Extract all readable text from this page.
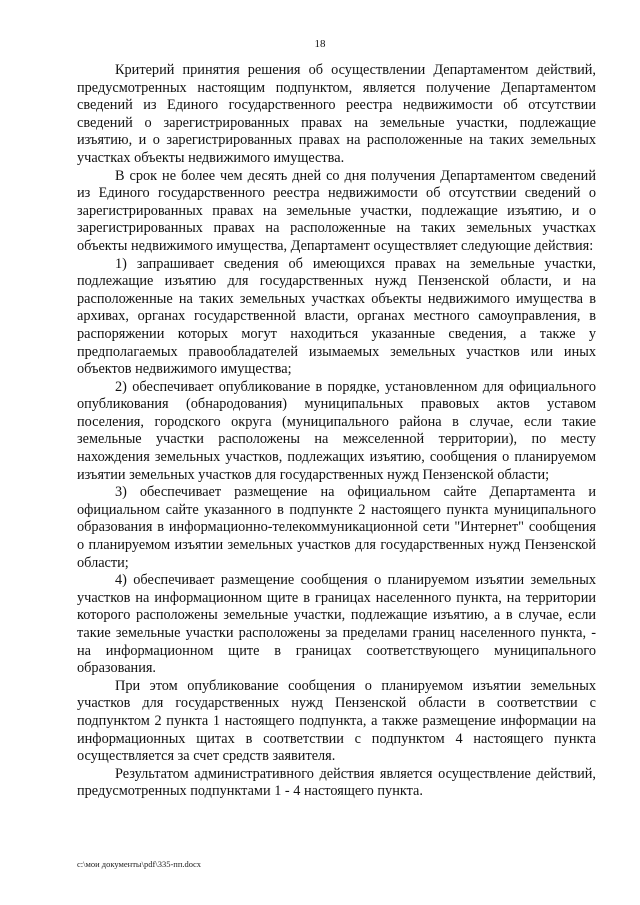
18

Критерий принятия решения об осуществлении Департаментом действий, предусмотренных настоящим подпунктом, является получение Департаментом сведений из Единого государственного реестра недвижимости об отсутствии сведений о зарегистрированных правах на земельные участки, подлежащие изъятию, и о зарегистрированных правах на расположенные на таких земельных участках объекты недвижимого имущества.

В срок не более чем десять дней со дня получения Департаментом сведений из Единого государственного реестра недвижимости об отсутствии сведений о зарегистрированных правах на земельные участки, подлежащие изъятию, и о зарегистрированных правах на расположенные на таких земельных участках объекты недвижимого имущества, Департамент осуществляет следующие действия:

1) запрашивает сведения об имеющихся правах на земельные участки, подлежащие изъятию для государственных нужд Пензенской области, и на расположенные на таких земельных участках объекты недвижимого имущества в архивах, органах государственной власти, органах местного самоуправления, в распоряжении которых могут находиться указанные сведения, а также у предполагаемых правообладателей изымаемых земельных участков или иных объектов недвижимого имущества;

2) обеспечивает опубликование в порядке, установленном для официального опубликования (обнародования) муниципальных правовых актов уставом поселения, городского округа (муниципального района в случае, если такие земельные участки расположены на межселенной территории), по месту нахождения земельных участков, подлежащих изъятию, сообщения о планируемом изъятии земельных участков для государственных нужд Пензенской области;

3) обеспечивает размещение на официальном сайте Департамента и официальном сайте указанного в подпункте 2 настоящего пункта муниципального образования в информационно-телекоммуникационной сети "Интернет" сообщения о планируемом изъятии земельных участков для государственных нужд Пензенской области;

4) обеспечивает размещение сообщения о планируемом изъятии земельных участков на информационном щите в границах населенного пункта, на территории которого расположены земельные участки, подлежащие изъятию, а в случае, если такие земельные участки расположены за пределами границ населенного пункта, - на информационном щите в границах соответствующего муниципального образования.

При этом опубликование сообщения о планируемом изъятии земельных участков для государственных нужд Пензенской области в соответствии с подпунктом 2 пункта 1 настоящего подпункта, а также размещение информации на информационных щитах в соответствии с подпунктом 4 настоящего пункта осуществляется за счет средств заявителя.

Результатом административного действия является осуществление действий, предусмотренных подпунктами 1 - 4 настоящего пункта.

c:\мои документы\pdf\335-пп.docx
